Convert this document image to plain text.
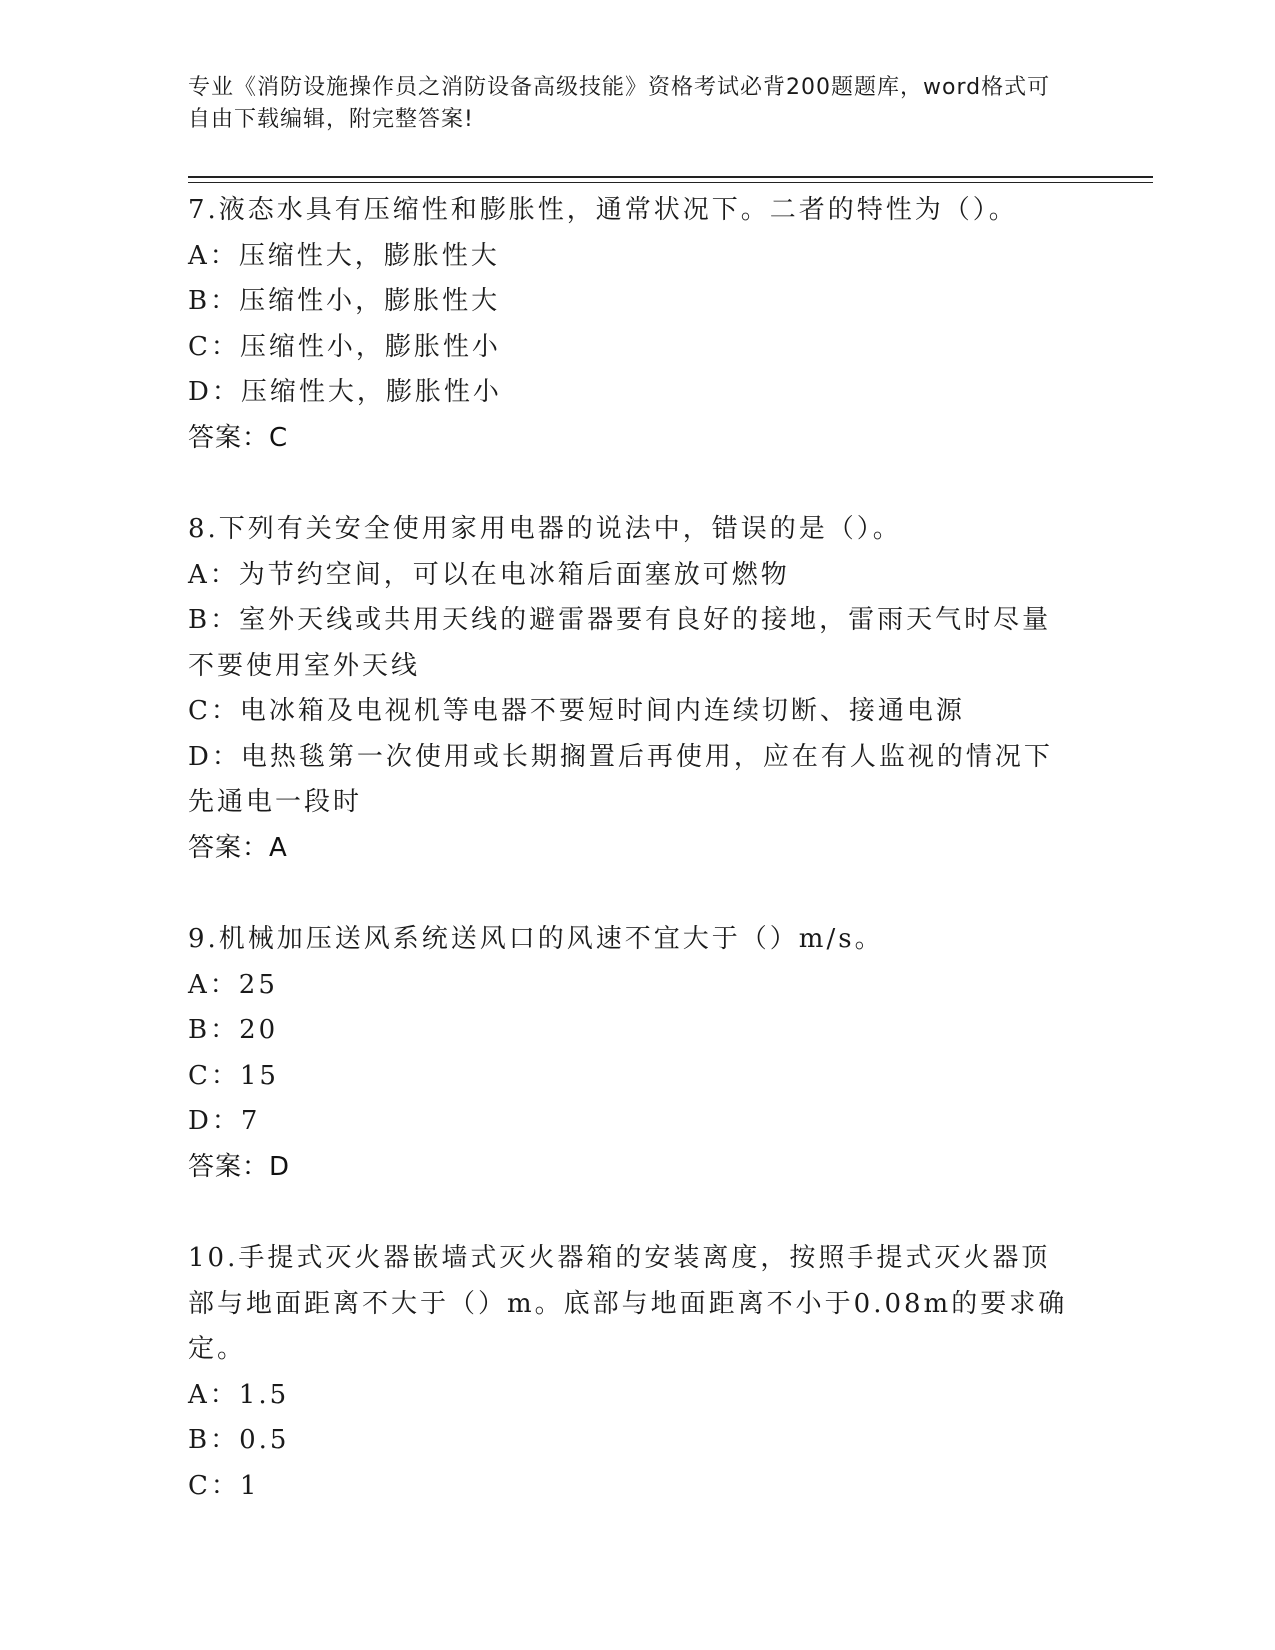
专业《消防设施操作员之消防设备高级技能》资格考试必背200题题库，word格式可自由下载编辑，附完整答案!

7.液态水具有压缩性和膨胀性，通常状况下。二者的特性为（）。

A：压缩性大，膨胀性大

B：压缩性小，膨胀性大

C：压缩性小，膨胀性小

D：压缩性大，膨胀性小

答案：C

8.下列有关安全使用家用电器的说法中，错误的是（）。

A：为节约空间，可以在电冰箱后面塞放可燃物

B：室外天线或共用天线的避雷器要有良好的接地，雷雨天气时尽量不要使用室外天线

C：电冰箱及电视机等电器不要短时间内连续切断、接通电源

D：电热毯第一次使用或长期搁置后再使用，应在有人监视的情况下先通电一段时

答案：A

9.机械加压送风系统送风口的风速不宜大于（）m/s。

A：25

B：20

C：15

D：7

答案：D

10.手提式灭火器嵌墙式灭火器箱的安装离度，按照手提式灭火器顶部与地面距离不大于（）m。底部与地面距离不小于0.08m的要求确定。

A：1.5

B：0.5

C：1
